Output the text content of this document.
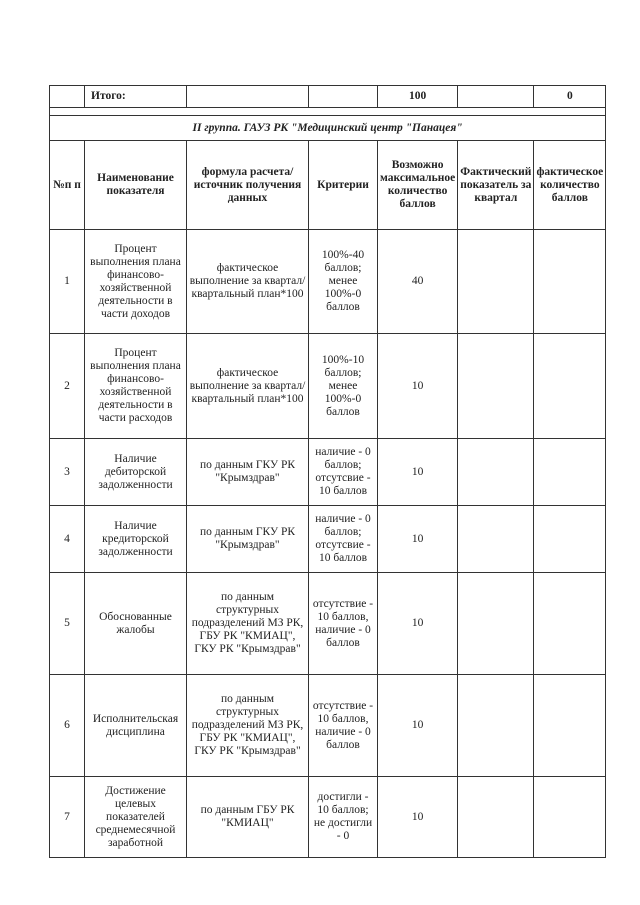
	Итого:			100		0

II группа. ГАУЗ РК "Медицинский центр "Панацея"						
№п п	Наименование показателя	формула расчета/источник получения данных	Критерии	Возможно максимальное количество баллов	Фактический показатель за квартал	фактическое количество баллов
1	Процент выполнения плана финансово-хозяйственной деятельности в части доходов	фактическое выполнение за квартал/квартальный план*100	100%-40 баллов; менее 100%-0 баллов	40		
2	Процент выполнения плана финансово-хозяйственной деятельности в части расходов	фактическое выполнение за квартал/квартальный план*100	100%-10 баллов; менее 100%-0 баллов	10		
3	Наличие дебиторской задолженности	по данным ГКУ РК "Крымздрав"	наличие - 0 баллов; отсутсвие - 10 баллов	10		
4	Наличие кредиторской задолженности	по данным ГКУ РК "Крымздрав"	наличие - 0 баллов; отсутсвие - 10 баллов	10		
5	Обоснованные жалобы	по данным структурных подразделений МЗ РК, ГБУ РК "КМИАЦ", ГКУ РК "Крымздрав"	отсутствие - 10 баллов, наличие - 0 баллов	10		
6	Исполнительская дисциплина	по данным структурных подразделений МЗ РК, ГБУ РК "КМИАЦ", ГКУ РК "Крымздрав"	отсутствие - 10 баллов, наличие - 0 баллов	10		
7	Достижение целевых показателей среднемесячной заработной	по данным ГБУ РК "КМИАЦ"	достигли - 10 баллов; не достигли - 0	10		
